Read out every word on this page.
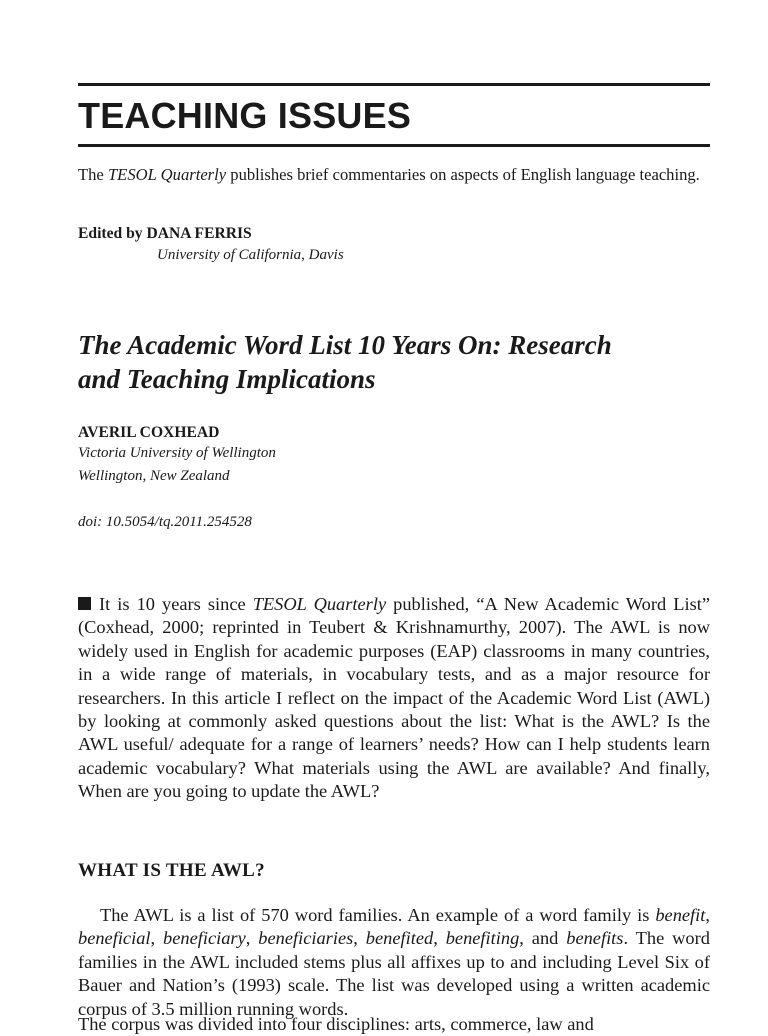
TEACHING ISSUES
The TESOL Quarterly publishes brief commentaries on aspects of English language teaching.
Edited by DANA FERRIS
University of California, Davis
The Academic Word List 10 Years On: Research
and Teaching Implications
AVERIL COXHEAD
Victoria University of Wellington
Wellington, New Zealand
doi: 10.5054/tq.2011.254528
It is 10 years since TESOL Quarterly published, “A New Academic Word List” (Coxhead, 2000; reprinted in Teubert & Krishnamurthy, 2007). The AWL is now widely used in English for academic purposes (EAP) classrooms in many countries, in a wide range of materials, in vocabulary tests, and as a major resource for researchers. In this article I reflect on the impact of the Academic Word List (AWL) by looking at commonly asked questions about the list: What is the AWL? Is the AWL useful/ adequate for a range of learners’ needs? How can I help students learn academic vocabulary? What materials using the AWL are available? And finally, When are you going to update the AWL?
WHAT IS THE AWL?
The AWL is a list of 570 word families. An example of a word family is benefit, beneficial, beneficiary, beneficiaries, benefited, benefiting, and benefits. The word families in the AWL included stems plus all affixes up to and including Level Six of Bauer and Nation’s (1993) scale. The list was developed using a written academic corpus of 3.5 million running words.
The corpus was divided into four disciplines: arts, commerce, law and
